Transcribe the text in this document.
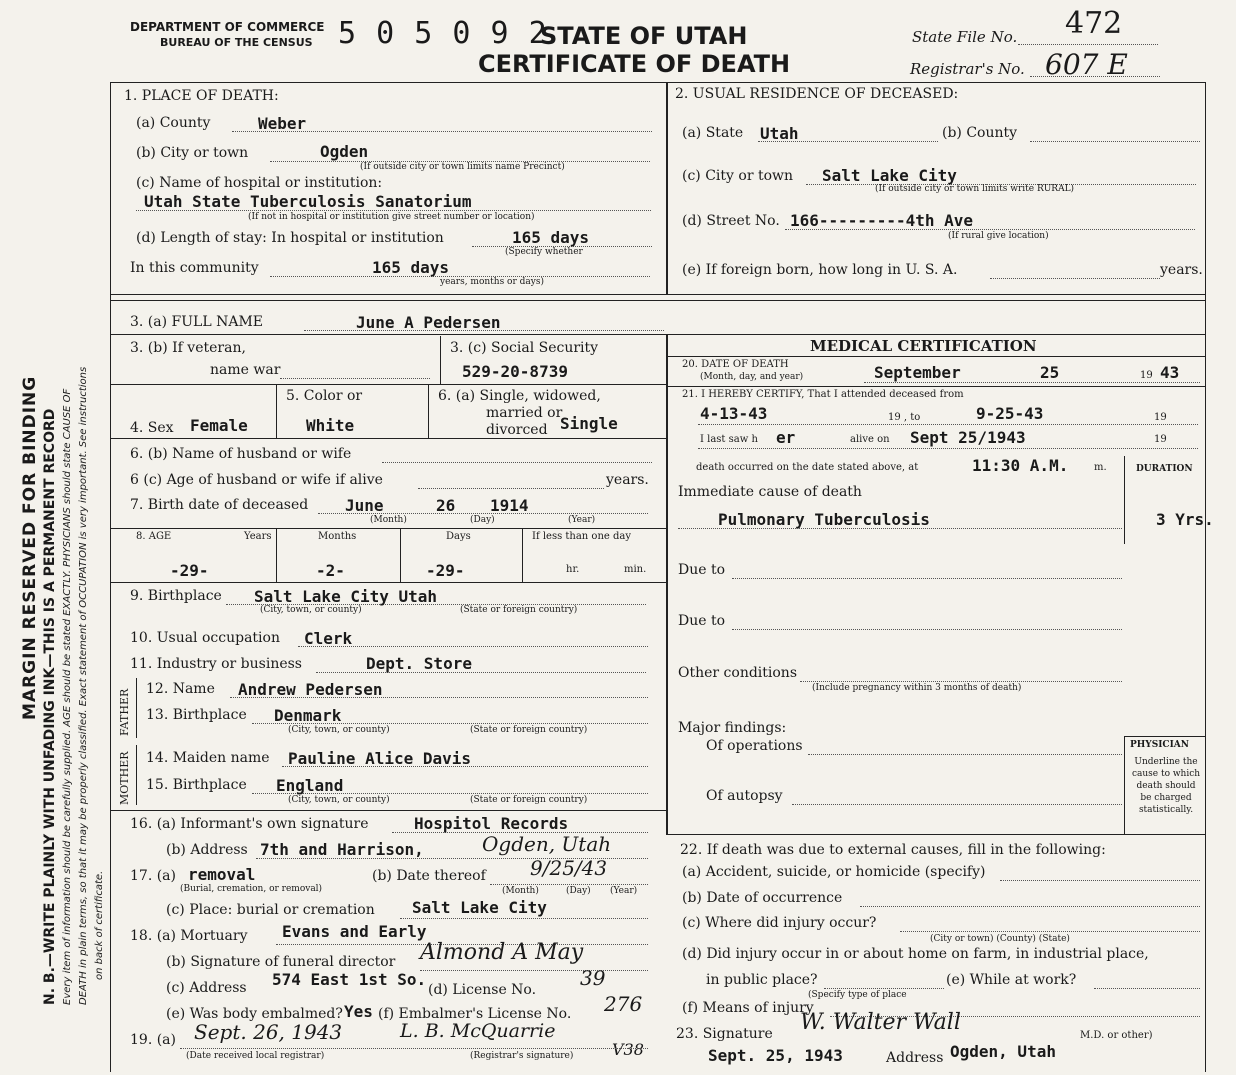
MARGIN RESERVED FOR BINDING N. B.—WRITE PLAINLY WITH UNFADING INK—THIS IS A PERMANENT RECORD Every item of information should be carefully supplied. AGE should be stated EXACTLY. PHYSICIANS should state CAUSE OF DEATH in plain terms, so that it may be properly classified. Exact statement of OCCUPATION is very important. See instructions on back of certificate.
DEPARTMENT OF COMMERCE
BUREAU OF THE CENSUS 5 0 5 0 9 2
STATE OF UTAH
CERTIFICATE OF DEATH
State File No. 472
Registrar's No. 607 E
1. PLACE OF DEATH:
(a) County	Weber
(b) City or town	Ogden
(If outside city or town limits name Precinct)
(c) Name of hospital or institution:
Utah State Tuberculosis Sanatorium
(If not in hospital or institution give street number or location)
(d) Length of stay: In hospital or institution	165 days
(Specify whether
In this community	165 days
years, months or days)
2. USUAL RESIDENCE OF DECEASED:
(a) State Utah	(b) County
(c) City or town Salt Lake City
(If outside city or town limits write RURAL)
(d) Street No. 166---------4th Ave
(If rural give location)
(e) If foreign born, how long in U. S. A.	years.
3. (a) FULL NAME	June A Pedersen
3. (b) If veteran,
name war
3. (c) Social Security
529-20-8739
4. Sex Female
5. Color or
White
6. (a) Single, widowed,
married or
divorced Single
6. (b) Name of husband or wife
6 (c) Age of husband or wife if alive	years.
7. Birth date of deceased June	26 1914
(Month)	(Day)	(Year)
8. AGE	Years	Months	Days	If less than one day
-29-	-2-	-29-	hr.	min.
9. Birthplace Salt Lake City Utah
(City, town, or county)	(State or foreign country)
10. Usual occupation Clerk
11. Industry or business	Dept. Store
FATHER 12. Name Andrew Pedersen
13. Birthplace Denmark
(City, town, or county)	(State or foreign country)
MOTHER 14. Maiden name Pauline Alice Davis
15. Birthplace England
(City, town, or county)	(State or foreign country)
16. (a) Informant's own signature	Hospitol Records
(b) Address 7th and Harrison,	Ogden, Utah
17. (a) removal
(Burial, cremation, or removal)
(b) Date thereof 9/25/43
(Month)	(Day) (Year)
(c) Place: burial or cremation Salt Lake City
18. (a) Mortuary Evans and Early
(b) Signature of funeral director Almond A May
(c) Address 574 East 1st So.
(d) License No. 39
(e) Was body embalmed? Yes (f) Embalmer's License No. 276
19. (a) Sept. 26, 1943	L. B. McQuarrie
V38
(Date received local registrar)	(Registrar's signature)
MEDICAL CERTIFICATION
20. DATE OF DEATH
(Month, day, and year)	September	25	19 43
21. I HEREBY CERTIFY, That I attended deceased from
4-13-43	19 , to	9-25-43	19
I last saw h er	alive on Sept 25/1943	19
death occurred on the date stated above, at	11:30 A.M.	m.	DURATION
Immediate cause of death
Pulmonary Tuberculosis	3 Yrs.
Due to
Due to
Other conditions
(Include pregnancy within 3 months of death)
Major findings:
Of operations
Of autopsy
PHYSICIAN
Underline the cause to which death should be charged statistically.
22. If death was due to external causes, fill in the following:
(a) Accident, suicide, or homicide (specify)
(b) Date of occurrence
(c) Where did injury occur?
(City or town) (County) (State)
(d) Did injury occur in or about home on farm, in industrial place,
in public place?	(e) While at work?
(Specify type of place
(f) Means of injury
23. Signature W. Walter Wall
M.D. or other)
Sept. 25, 1943	Address Ogden, Utah
